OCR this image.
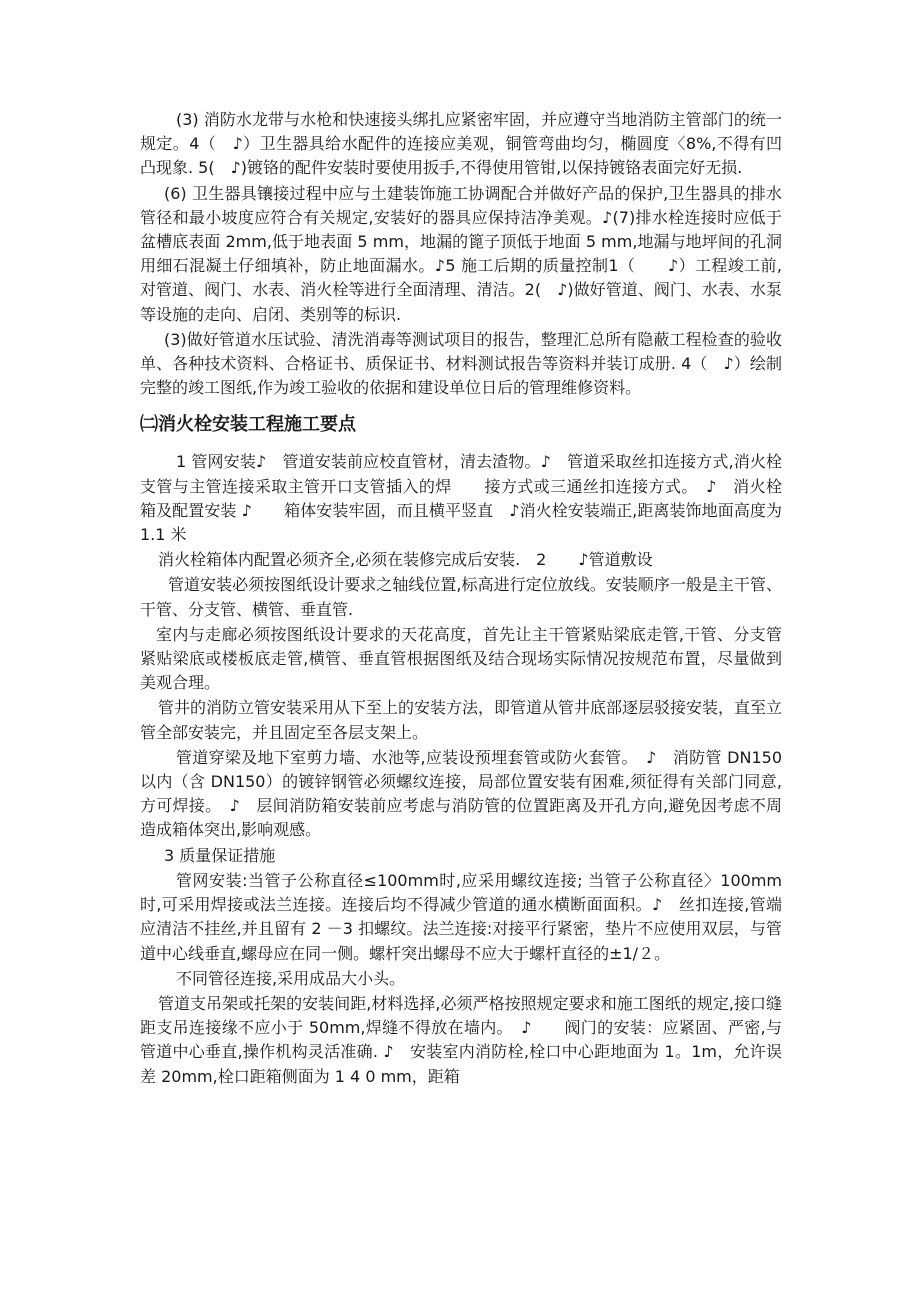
(3) 消防水龙带与水枪和快速接头绑扎应紧密牢固，并应遵守当地消防主管部门的统一规定。4（　♪）卫生器具给水配件的连接应美观，铜管弯曲均匀，椭圆度〈8%,不得有凹凸现象. 5(　♪)镀铬的配件安装时要使用扳手,不得使用管钳,以保持镀铬表面完好无损.

(6) 卫生器具镶接过程中应与土建装饰施工协调配合并做好产品的保护,卫生器具的排水管径和最小坡度应符合有关规定,安装好的器具应保持洁净美观。♪(7)排水栓连接时应低于盆槽底表面 2mm,低于地表面 5 mm，地漏的篦子顶低于地面 5 mm,地漏与地坪间的孔洞用细石混凝土仔细填补，防止地面漏水。♪5 施工后期的质量控制1（　　♪）工程竣工前,对管道、阀门、水表、消火栓等进行全面清理、清洁。2(　♪)做好管道、阀门、水表、水泵等设施的走向、启闭、类别等的标识.

(3)做好管道水压试验、清洗消毒等测试项目的报告，整理汇总所有隐蔽工程检查的验收单、各种技术资料、合格证书、质保证书、材料测试报告等资料并装订成册. 4（　♪）绘制完整的竣工图纸,作为竣工验收的依据和建设单位日后的管理维修资料。

㈡消火栓安装工程施工要点

1 管网安装♪　管道安装前应校直管材，清去渣物。♪　管道采取丝扣连接方式,消火栓支管与主管连接采取主管开口支管插入的焊　　接方式或三通丝扣连接方式。　♪　消火栓箱及配置安装 ♪　　箱体安装牢固，而且横平竖直　♪消火栓安装端正,距离装饰地面高度为 1.1 米

消火栓箱体内配置必须齐全,必须在装修完成后安装.　2　　♪管道敷设

管道安装必须按图纸设计要求之轴线位置,标高进行定位放线。安装顺序一般是主干管、干管、分支管、横管、垂直管.

室内与走廊必须按图纸设计要求的天花高度，首先让主干管紧贴梁底走管,干管、分支管紧贴梁底或楼板底走管,横管、垂直管根据图纸及结合现场实际情况按规范布置，尽量做到美观合理。

管井的消防立管安装采用从下至上的安装方法，即管道从管井底部逐层驳接安装，直至立管全部安装完，并且固定至各层支架上。

管道穿梁及地下室剪力墙、水池等,应装设预埋套管或防火套管。　♪　消防管 DN150 以内（含 DN150）的镀锌钢管必须螺纹连接，局部位置安装有困难,须征得有关部门同意,方可焊接。　♪　层间消防箱安装前应考虑与消防管的位置距离及开孔方向,避免因考虑不周造成箱体突出,影响观感。

3 质量保证措施

管网安装:当管子公称直径≤100mm时,应采用螺纹连接; 当管子公称直径〉100mm时,可采用焊接或法兰连接。连接后均不得减少管道的通水横断面面积。♪　丝扣连接,管端应清洁不挂丝,并且留有 2 －3 扣螺纹。法兰连接:对接平行紧密，垫片不应使用双层，与管道中心线垂直,螺母应在同一侧。螺杆突出螺母不应大于螺杆直径的±1/２。

不同管径连接,采用成品大小头。

管道支吊架或托架的安装间距,材料选择,必须严格按照规定要求和施工图纸的规定,接口缝距支吊连接缘不应小于 50mm,焊缝不得放在墙内。　♪　　阀门的安装：应紧固、严密,与管道中心垂直,操作机构灵活准确. ♪　安装室内消防栓,栓口中心距地面为 1。1m，允许误差 20mm,栓口距箱侧面为 1 4 0 mm，距箱
